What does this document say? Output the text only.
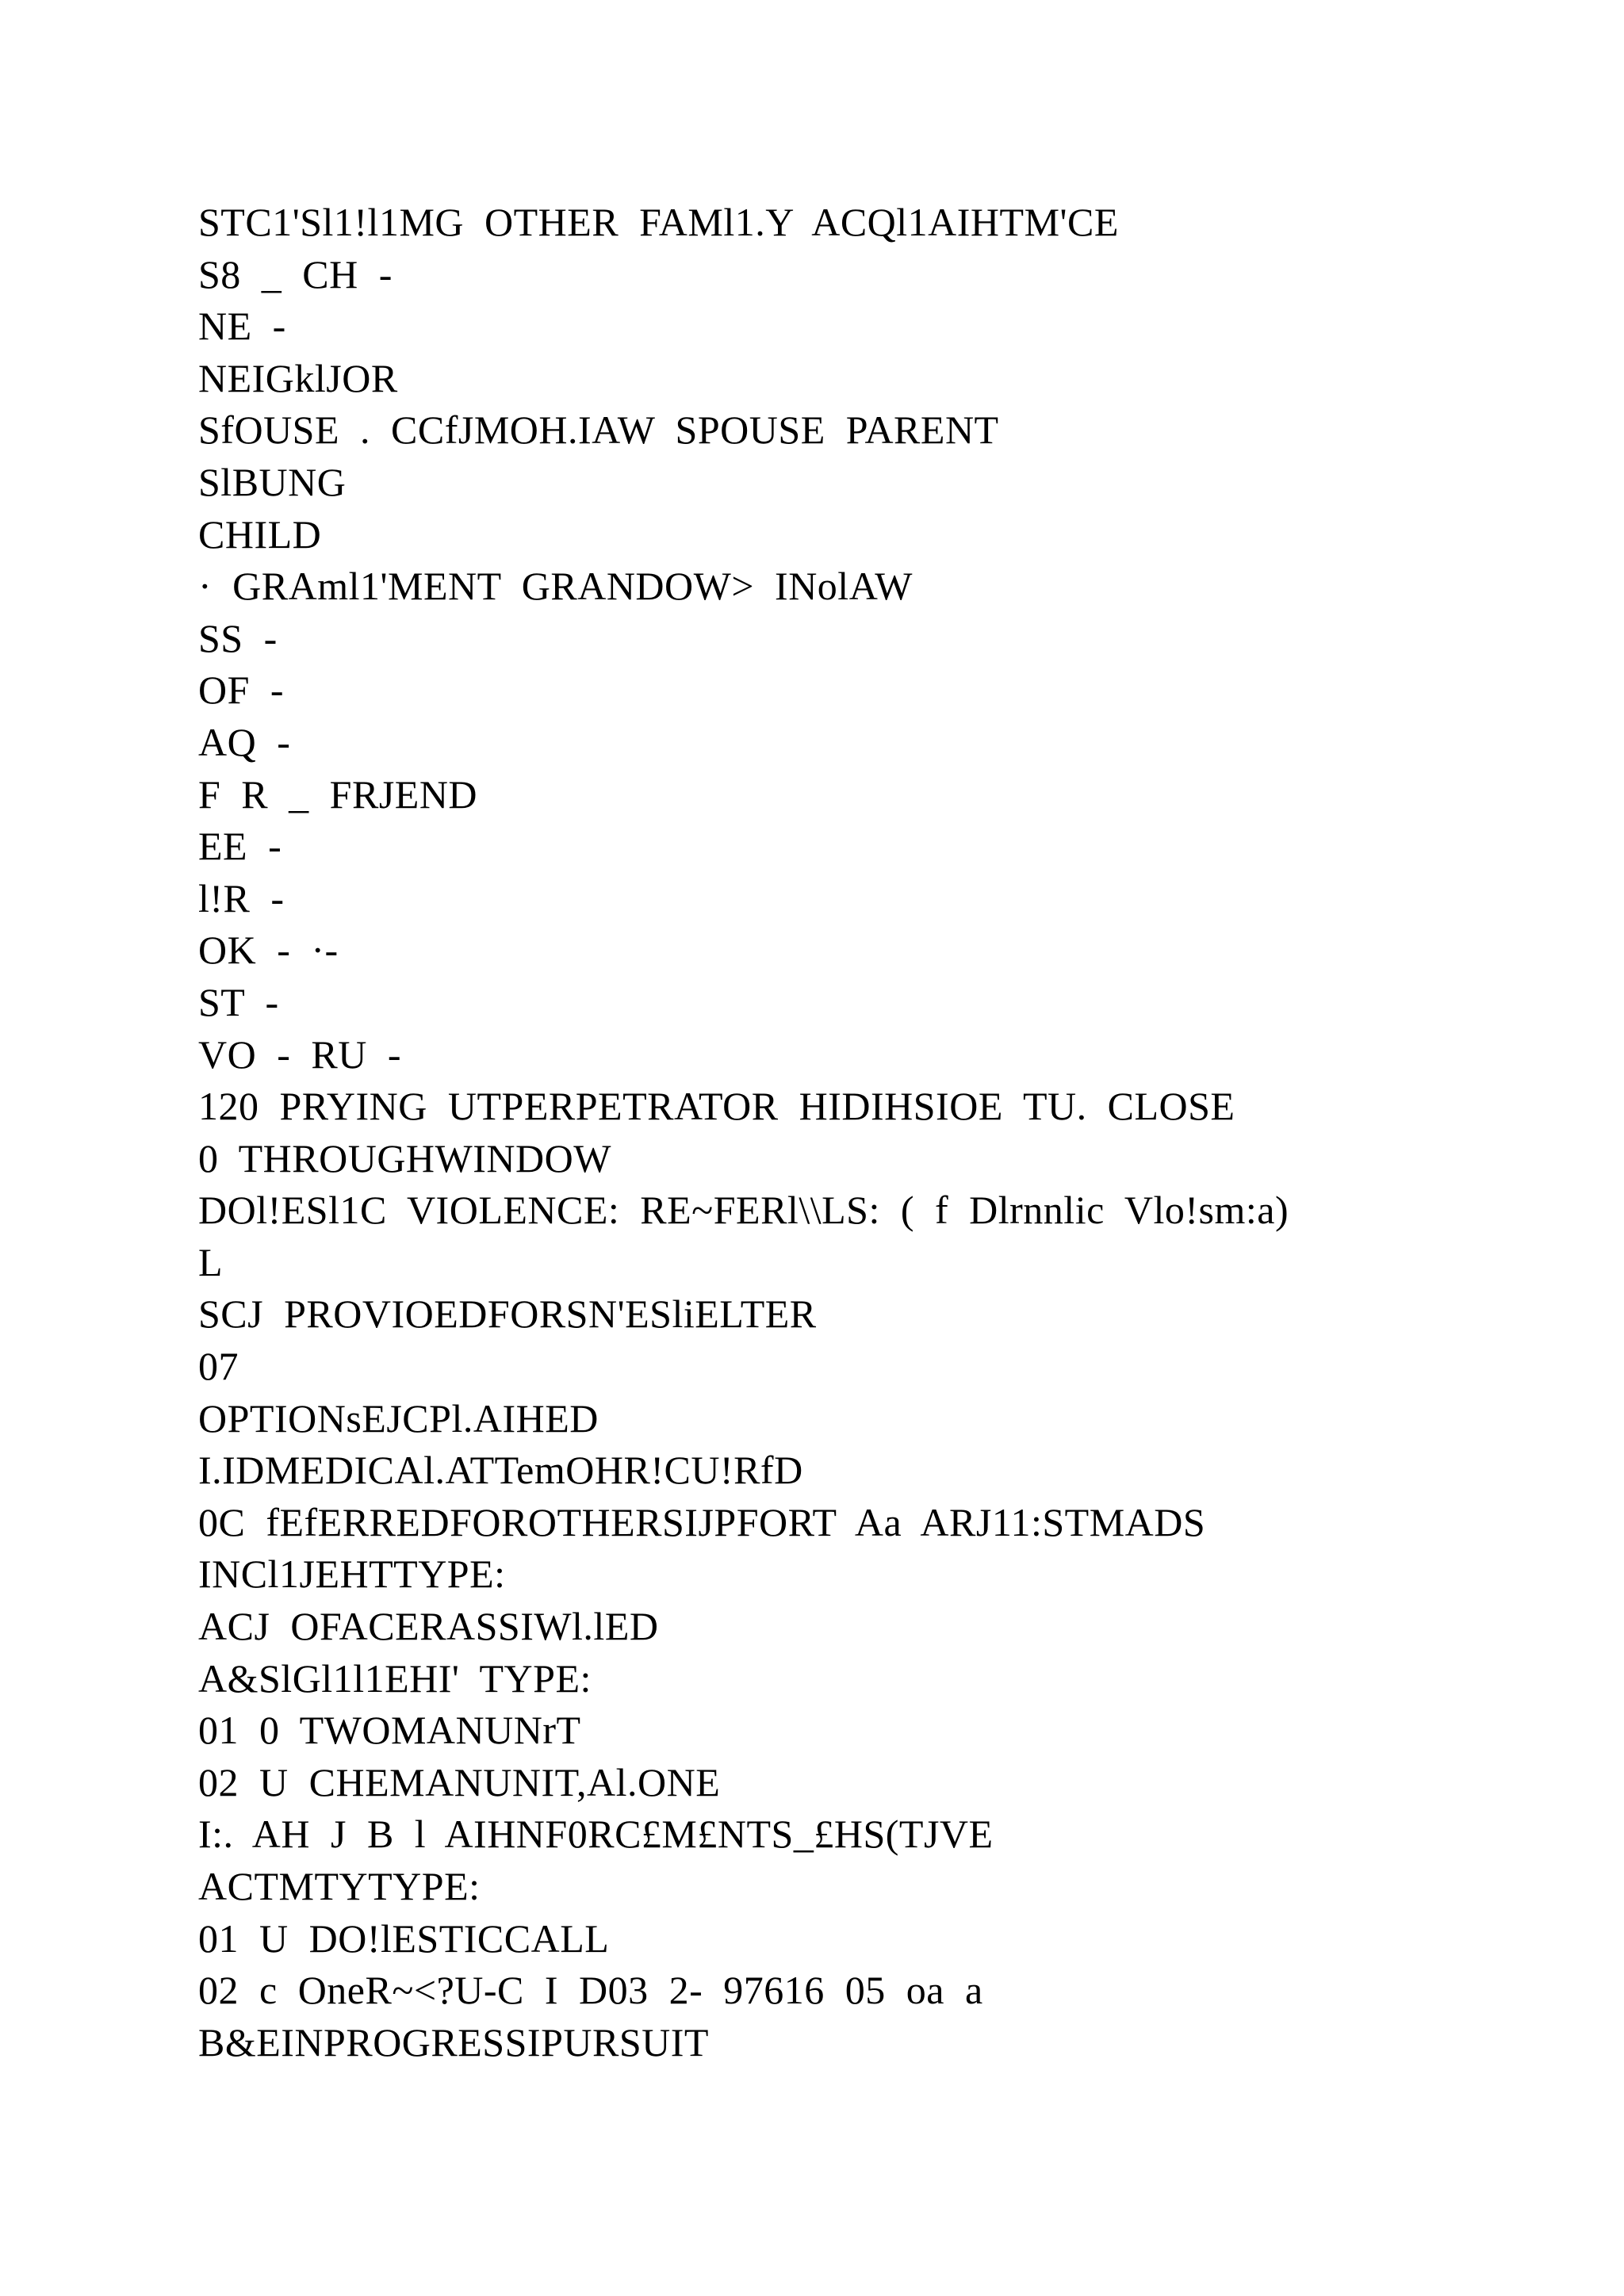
STC1'Sl1!l1MG  OTHER  FAMl1.Y  ACQl1AIHTM'CE
S8  _  CH  -
NE  -
NEIGklJOR
SfOUSE  .  CCfJMOH.IAW  SPOUSE  PARENT
SlBUNG
CHILD
·  GRAml1'MENT  GRANDOW>  INolAW
SS  -
OF  -
AQ  -
F  R  _  FRJEND
EE  -
l!R  -
OK  -  ·-
ST  -
VO  -  RU  -
120  PRYING  UTPERPETRATOR  HIDIHSIOE  TU.  CLOSE
0  THROUGHWINDOW
DOl!ESl1C  VIOLENCE:  RE~FERl\\LS:  (  f  Dlrnnlic  Vlo!sm:a)
L
SCJ  PROVIOEDFORSN'ESliELTER
07
OPTIONsEJCPl.AIHED
I.IDMEDICAl.ATTemOHR!CU!RfD
0C  fEfERREDFOROTHERSIJPFORT  Aa  ARJ11:STMADS
INCl1JEHTTYPE:
ACJ  OFACERASSIWl.lED
A&SlGl1l1EHI'  TYPE:
01  0  TWOMANUNrT
02  U  CHEMANUNIT,Al.ONE
I:.  AH  J  B  l  AIHNF0RC£M£NTS_£HS(TJVE
ACTMTYTYPE:
01  U  DO!lESTICCALL
02  c  OneR~<?U-C  I  D03  2-  97616  05  oa  a
B&EINPROGRESSIPURSUIT
